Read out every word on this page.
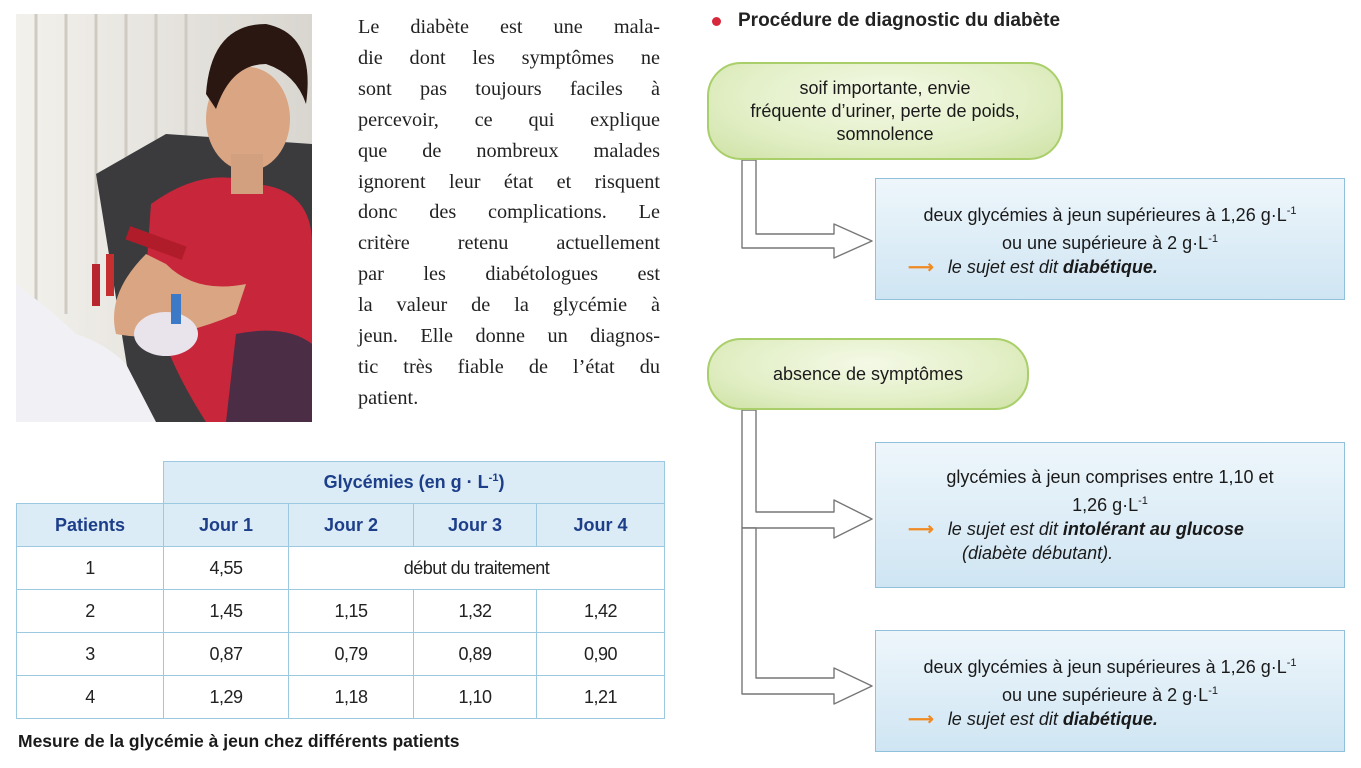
Le diabète est une mala-
die dont les symptômes ne
sont pas toujours faciles à
percevoir, ce qui explique
que de nombreux malades
ignorent leur état et risquent
donc des complications. Le
critère retenu actuellement
par les diabétologues est
la valeur de la glycémie à
jeun. Elle donne un diagnos-
tic très fiable de l’état du
patient.
	Glycémies (en $g \cdot L^{-1}$)			
Patients	Jour 1	Jour 2	Jour 3	Jour 4
1	4,55	début du traitement		
2	1,45	1,15	1,32	1,42
3	0,87	0,79	0,89	0,90
4	1,29	1,18	1,10	1,21
Mesure de la glycémie à jeun chez différents patients
Procédure de diagnostic du diabète
soif importante, envie
fréquente d’uriner, perte de poids,
somnolence
deux glycémies à jeun supérieures à 1,26 $g\cdot L^{-1}$
ou une supérieure à 2 $g\cdot L^{-1}$
⟶ le sujet est dit diabétique.
absence de symptômes
glycémies à jeun comprises entre 1,10 et
1,26 $g\cdot L^{-1}$
⟶ le sujet est dit intolérant au glucose
(diabète débutant).
deux glycémies à jeun supérieures à 1,26 $g\cdot L^{-1}$
ou une supérieure à 2 $g\cdot L^{-1}$
⟶ le sujet est dit diabétique.
